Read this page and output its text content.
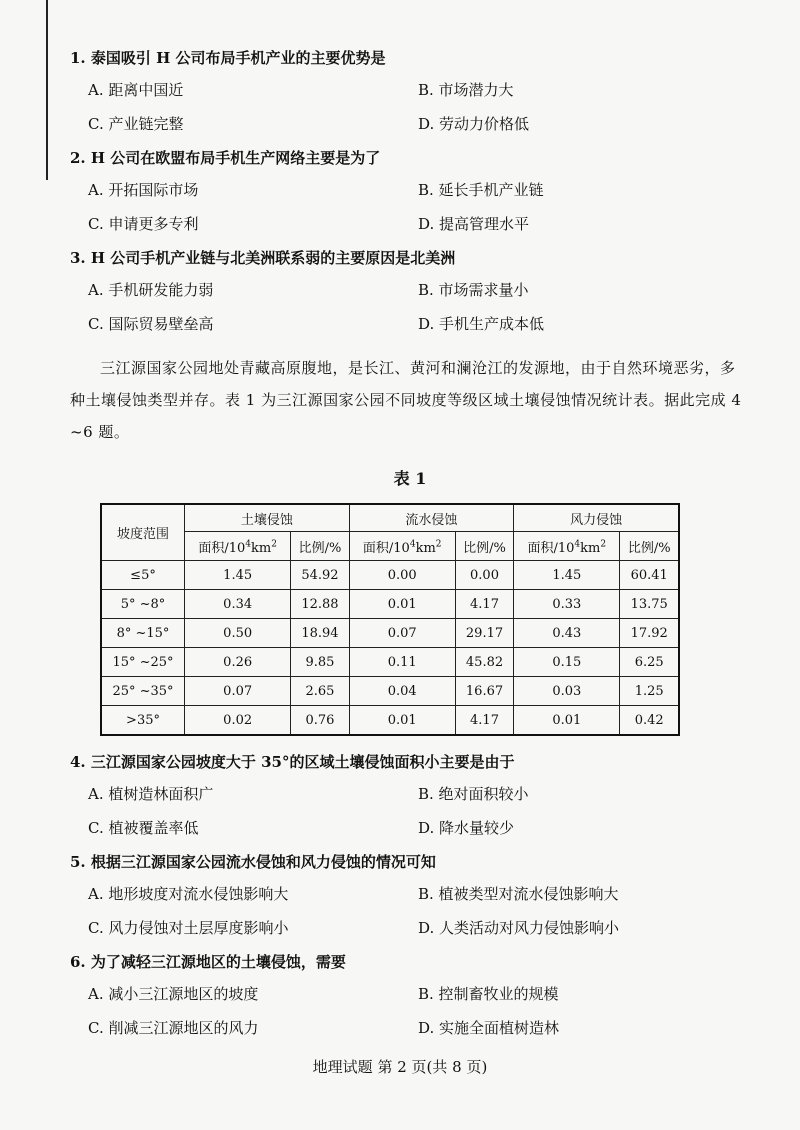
1. 泰国吸引 H 公司布局手机产业的主要优势是

A. 距离中国近	B. 市场潜力大
C. 产业链完整	D. 劳动力价格低

2. H 公司在欧盟布局手机生产网络主要是为了

A. 开拓国际市场	B. 延长手机产业链
C. 申请更多专利	D. 提高管理水平

3. H 公司手机产业链与北美洲联系弱的主要原因是北美洲

A. 手机研发能力弱	B. 市场需求量小
C. 国际贸易壁垒高	D. 手机生产成本低

三江源国家公园地处青藏高原腹地，是长江、黄河和澜沧江的发源地，由于自然环境恶劣，多种土壤侵蚀类型并存。表 1 为三江源国家公园不同坡度等级区域土壤侵蚀情况统计表。据此完成 4 ~6 题。

表 1
坡度范围	土壤侵蚀		流水侵蚀		风力侵蚀	
	面积$/10^4km^2$	比例/%	面积$/10^4km^2$	比例/%	面积$/10^4km^2$	比例/%
≤5°	1.45	54.92	0.00	0.00	1.45	60.41
5° ~8°	0.34	12.88	0.01	4.17	0.33	13.75
8° ~15°	0.50	18.94	0.07	29.17	0.43	17.92
15° ~25°	0.26	9.85	0.11	45.82	0.15	6.25
25° ~35°	0.07	2.65	0.04	16.67	0.03	1.25
>35°	0.02	0.76	0.01	4.17	0.01	0.42

4. 三江源国家公园坡度大于 35°的区域土壤侵蚀面积小主要是由于

A. 植树造林面积广	B. 绝对面积较小
C. 植被覆盖率低	D. 降水量较少

5. 根据三江源国家公园流水侵蚀和风力侵蚀的情况可知

A. 地形坡度对流水侵蚀影响大	B. 植被类型对流水侵蚀影响大
C. 风力侵蚀对土层厚度影响小	D. 人类活动对风力侵蚀影响小

6. 为了减轻三江源地区的土壤侵蚀，需要

A. 减小三江源地区的坡度	B. 控制畜牧业的规模
C. 削减三江源地区的风力	D. 实施全面植树造林
地理试题 第 2 页(共 8 页)
